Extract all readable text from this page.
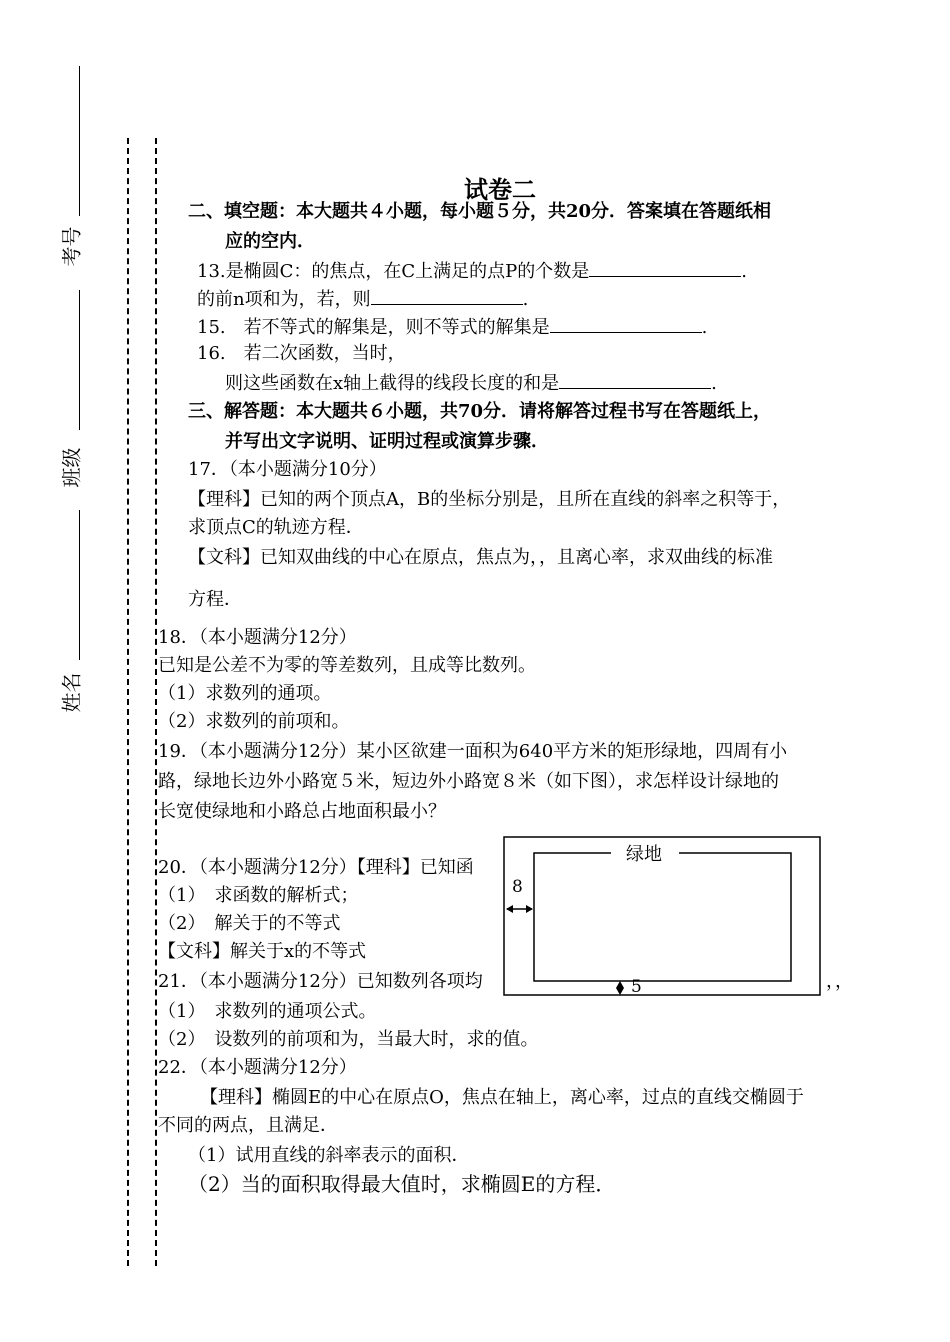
考号
班级
姓名
试卷二
二、填空题：本大题共４小题，每小题５分，共20分．答案填在答题纸相
应的空内．
13.是椭圆C：的焦点，在C上满足的点P的个数是	.
的前n项和为，若，则	.
15.　若不等式的解集是，则不等式的解集是	.
16.　若二次函数，当时，
则这些函数在x轴上截得的线段长度的和是	.
三、解答题：本大题共６小题，共70分．请将解答过程书写在答题纸上，
并写出文字说明、证明过程或演算步骤．
17．（本小题满分10分）
【理科】已知的两个顶点A，B的坐标分别是，且所在直线的斜率之积等于，
求顶点C的轨迹方程．
【文科】已知双曲线的中心在原点，焦点为，，且离心率，求双曲线的标准
方程．
18．（本小题满分12分）
已知是公差不为零的等差数列，且成等比数列。
（1）求数列的通项。
（2）求数列的前项和。
19．（本小题满分12分）某小区欲建一面积为640平方米的矩形绿地，四周有小
路，绿地长边外小路宽５米，短边外小路宽８米（如下图），求怎样设计绿地的
长宽使绿地和小路总占地面积最小？
20．（本小题满分12分）【理科】已知函
（1）　求函数的解析式；
（2）　解关于的不等式
【文科】解关于x的不等式
21．（本小题满分12分）已知数列各项均	，，
（1）　求数列的通项公式。
（2）　设数列的前项和为，当最大时，求的值。
22．（本小题满分12分）
【理科】椭圆E的中心在原点O，焦点在轴上，离心率，过点的直线交椭圆于
不同的两点，且满足．
（1）试用直线的斜率表示的面积．
（2）当的面积取得最大值时，求椭圆E的方程．
绿地
8
5
